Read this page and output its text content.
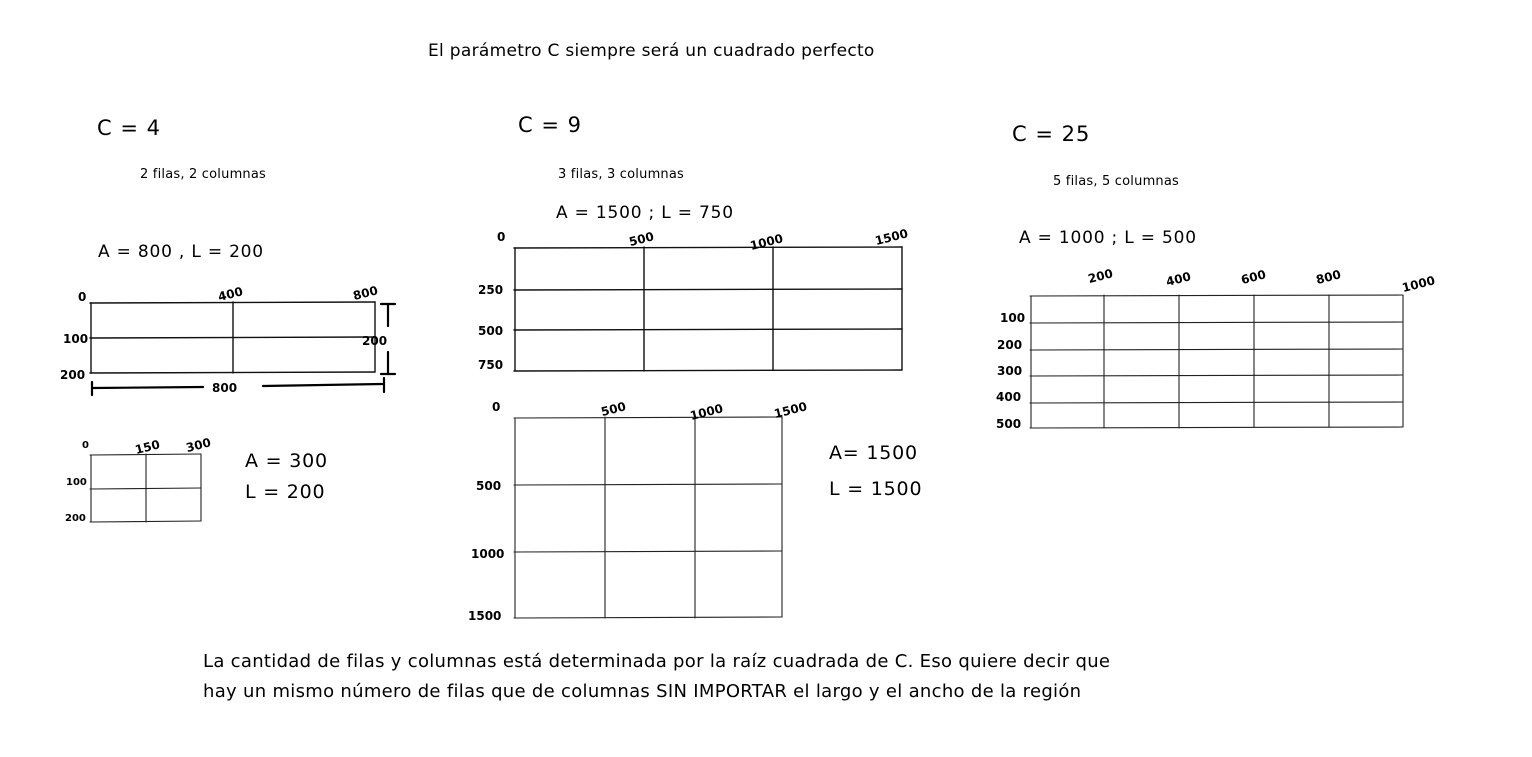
El parámetro C siempre será un cuadrado perfecto
C = 4
2 filas, 2 columnas
A = 800 , L = 200
0	400	800
100
200
200
800
0	150 300
100
200
A = 300
L = 200
C = 9
3 filas, 3 columnas
A = 1500 ; L = 750
0	500	1000	1500
250
500
750
0	500	1000	1500
500
1000
1500
A= 1500
L = 1500
C = 25
5 filas, 5 columnas
A = 1000 ; L = 500
200	400	600	800	1000
100
200
300
400
500
La cantidad de filas y columnas está determinada por la raíz cuadrada de C. Eso quiere decir que
hay un mismo número de filas que de columnas SIN IMPORTAR el largo y el ancho de la región
